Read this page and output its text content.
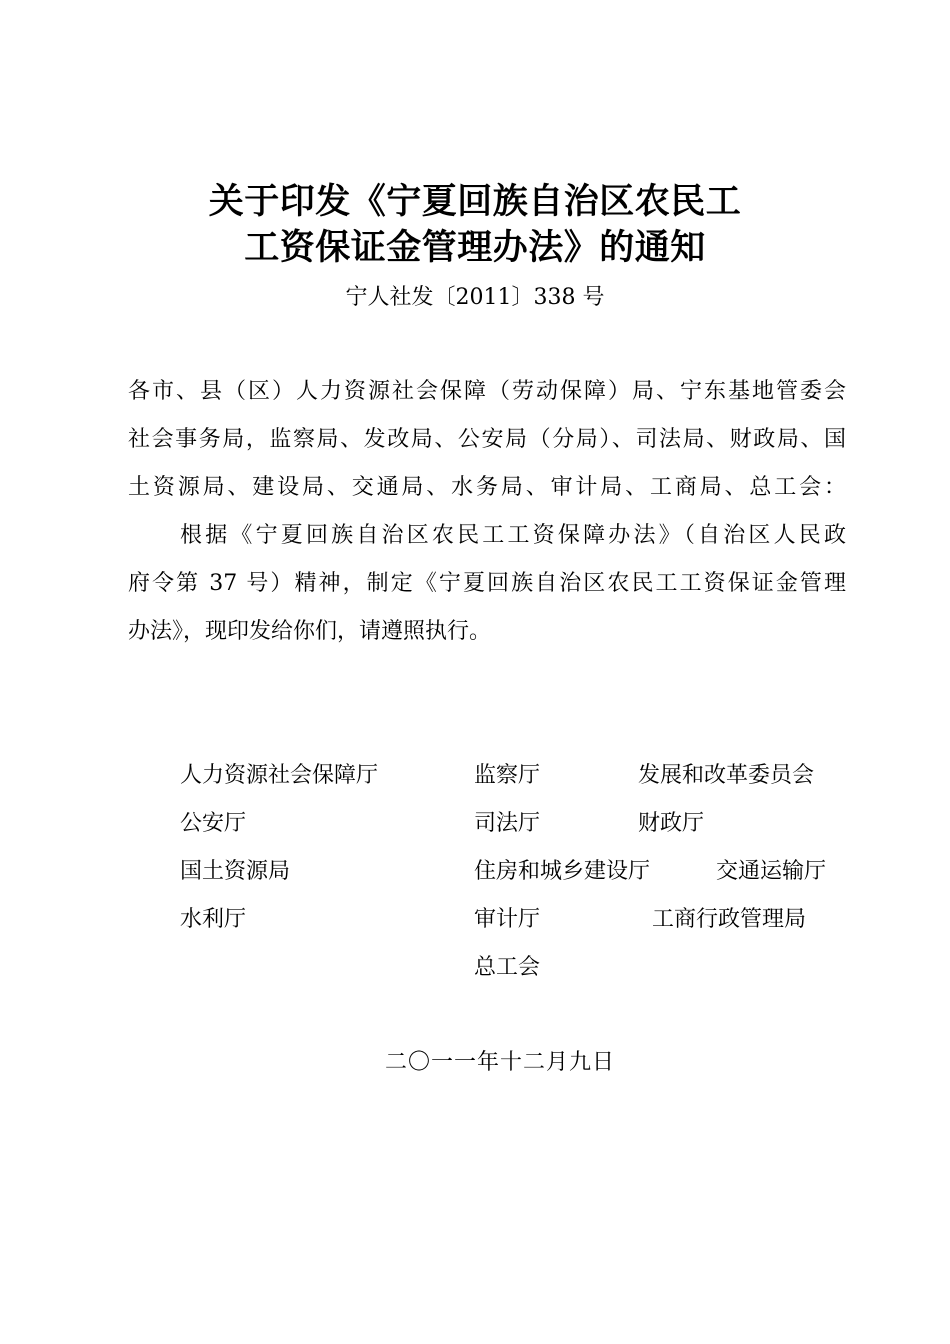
关于印发《宁夏回族自治区农民工
工资保证金管理办法》的通知
宁人社发〔2011〕338 号
各市、县（区）人力资源社会保障（劳动保障）局、宁东基地管委会
社会事务局，监察局、发改局、公安局（分局）、司法局、财政局、国
土资源局、建设局、交通局、水务局、审计局、工商局、总工会：
根据《宁夏回族自治区农民工工资保障办法》（自治区人民政
府令第 37 号）精神，制定《宁夏回族自治区农民工工资保证金管理
办法》，现印发给你们，请遵照执行。
人力资源社会保障厅	监察厅	发展和改革委员会
公安厅	司法厅	财政厅
国土资源局	住房和城乡建设厅	交通运输厅
水利厅	审计厅	工商行政管理局
总工会
二〇一一年十二月九日
